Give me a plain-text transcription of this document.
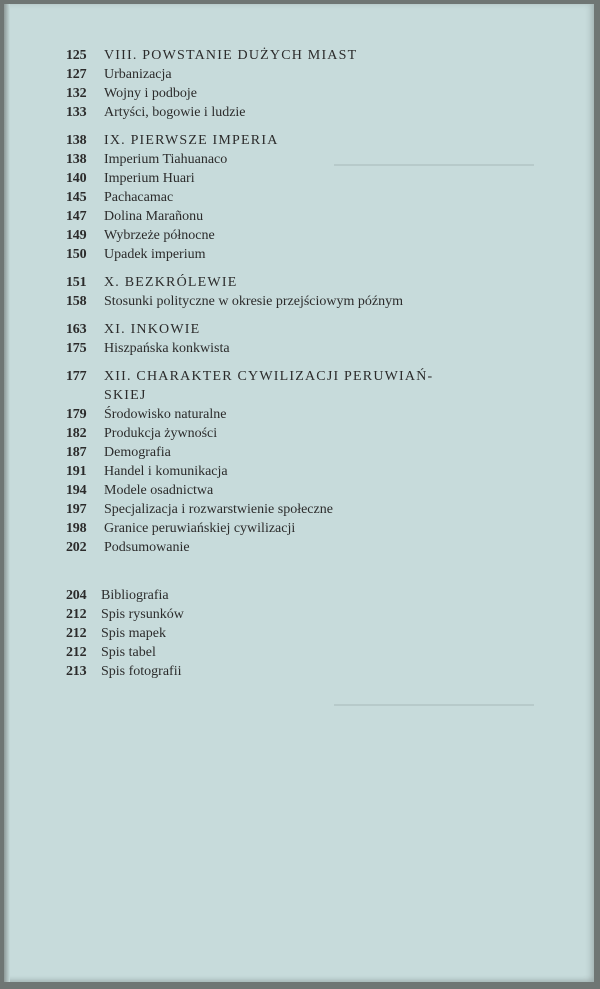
125	VIII. POWSTANIE DUŻYCH MIAST
127	Urbanizacja
132	Wojny i podboje
133	Artyści, bogowie i ludzie
138	IX. PIERWSZE IMPERIA
138	Imperium Tiahuanaco
140	Imperium Huari
145	Pachacamac
147	Dolina Marañonu
149	Wybrzeże północne
150	Upadek imperium
151	X. BEZKRÓLEWIE
158	Stosunki polityczne w okresie przejściowym późnym
163	XI. INKOWIE
175	Hiszpańska konkwista
177	XII. CHARAKTER CYWILIZACJI PERUWIAŃ-
SKIEJ
179	Środowisko naturalne
182	Produkcja żywności
187	Demografia
191	Handel i komunikacja
194	Modele osadnictwa
197	Specjalizacja i rozwarstwienie społeczne
198	Granice peruwiańskiej cywilizacji
202	Podsumowanie
204	Bibliografia
212	Spis rysunków
212	Spis mapek
212	Spis tabel
213	Spis fotografii
